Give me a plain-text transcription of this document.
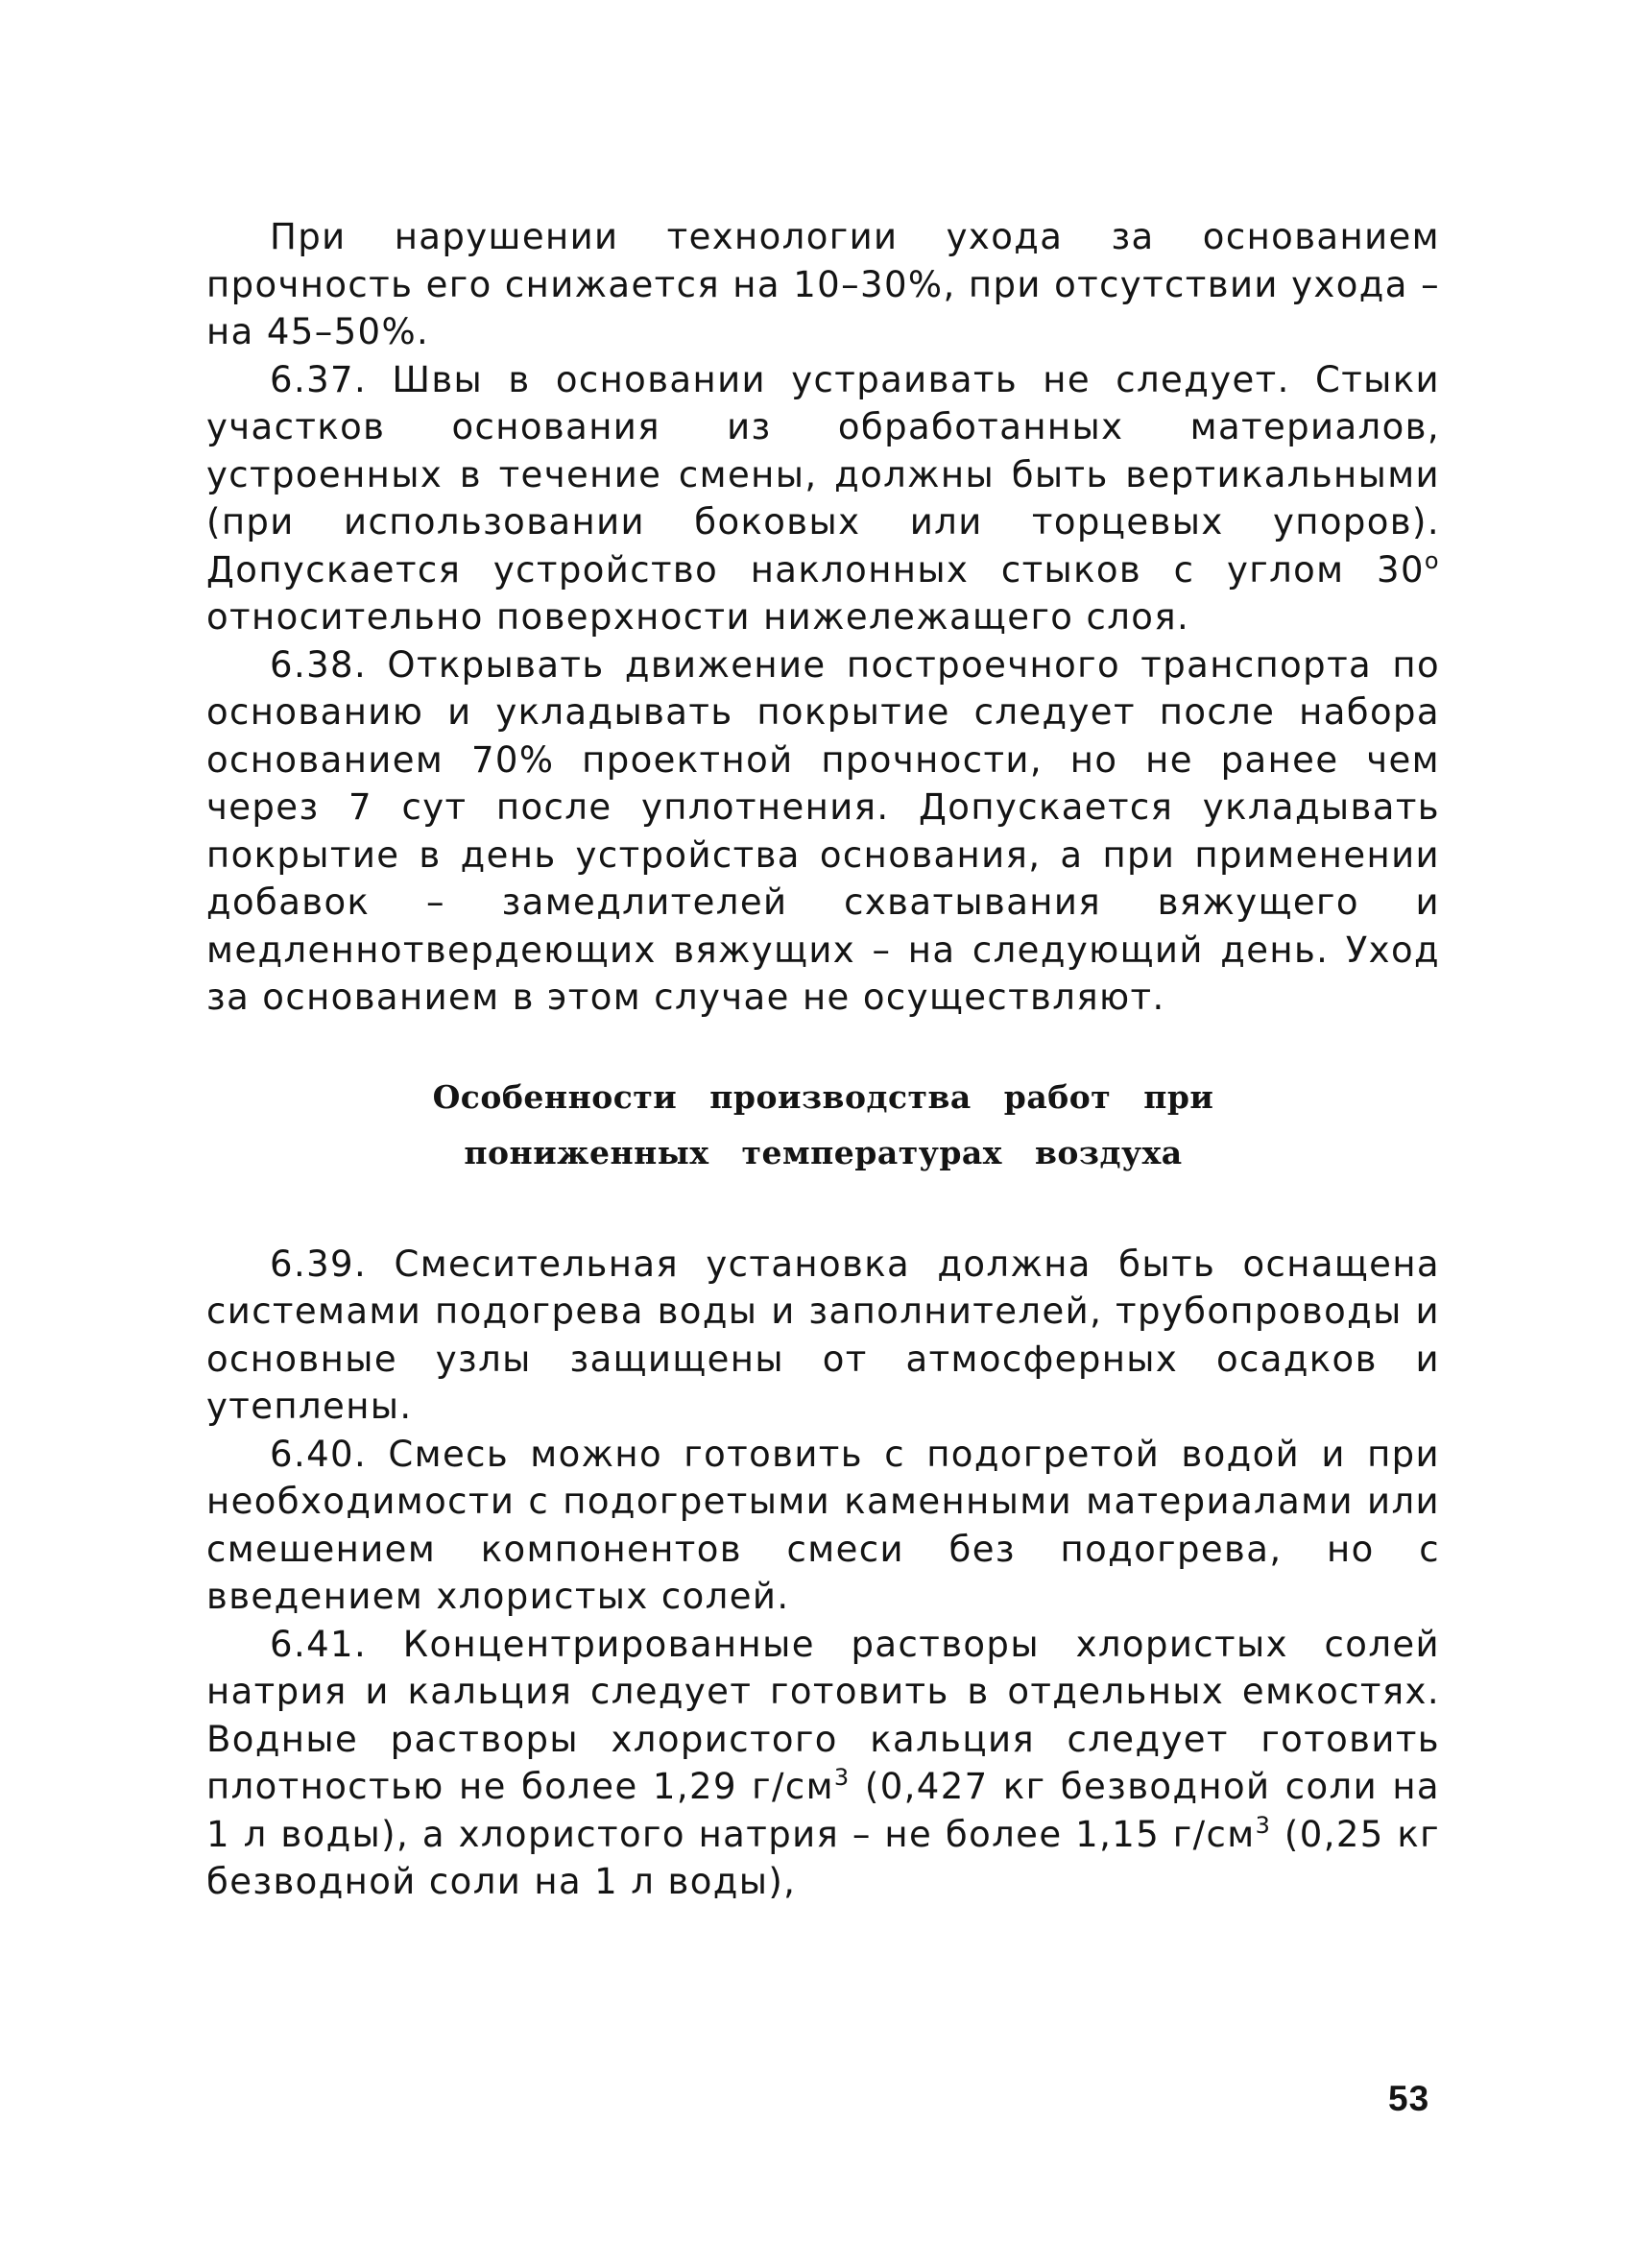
При нарушении технологии ухода за основанием прочность его снижается на 10–30%, при отсутствии ухода – на 45–50%.

6.37. Швы в основании устраивать не следует. Стыки участков основания из обработанных материалов, устроенных в течение смены, должны быть вертикальными (при использовании боковых или торцевых упоров). Допускается устройство наклонных стыков с углом $30^о$ относительно поверхности нижележащего слоя.

6.38. Открывать движение построечного транспорта по основанию и укладывать покрытие следует после набора основанием 70% проектной прочности, но не ранее чем через 7 сут после уплотнения. Допускается укладывать покрытие в день устройства основания, а при применении добавок – замедлителей схватывания вяжущего и медленнотвердеющих вяжущих – на следующий день. Уход за основанием в этом случае не осуществляют.

Особенности производства работ при
пониженных температурах воздуха

6.39. Смесительная установка должна быть оснащена системами подогрева воды и заполнителей, трубопроводы и основные узлы защищены от атмосферных осадков и утеплены.

6.40. Смесь можно готовить с подогретой водой и при необходимости с подогретыми каменными материалами или смешением компонентов смеси без подогрева, но с введением хлористых солей.

6.41. Концентрированные растворы хлористых солей натрия и кальция следует готовить в отдельных емкостях. Водные растворы хлористого кальция следует готовить плотностью не более 1,29 $г/см^3$ (0,427 кг безводной соли на 1 л воды), а хлористого натрия – не более 1,15 $г/см^3$ (0,25 кг безводной соли на 1 л воды),

53
